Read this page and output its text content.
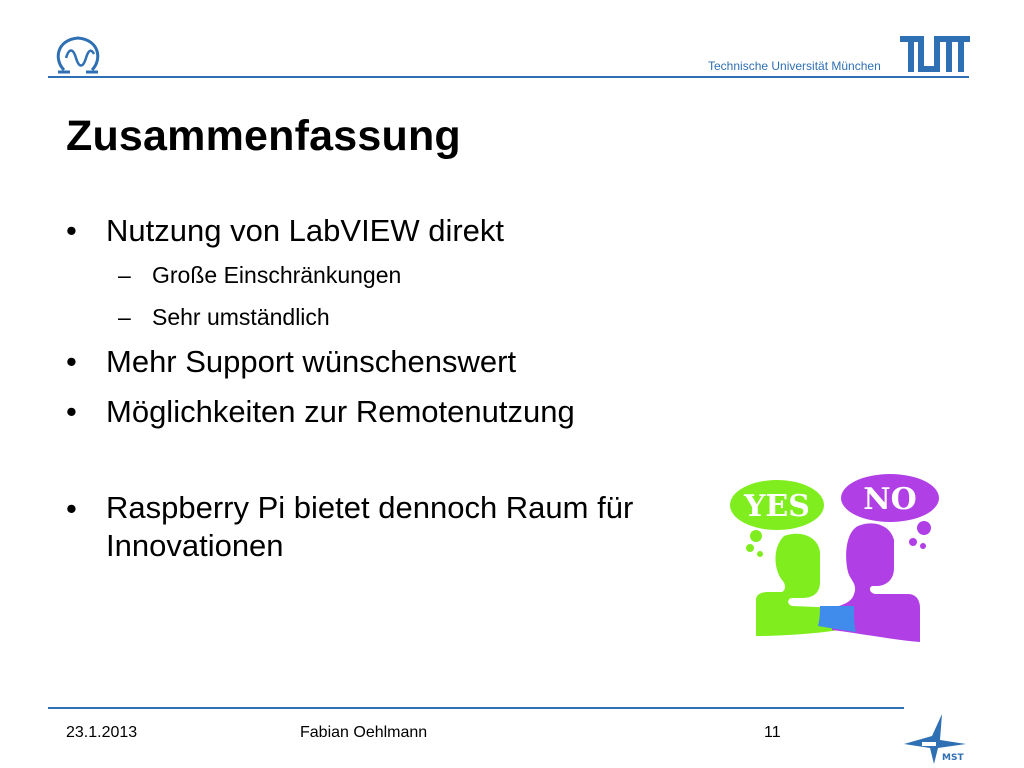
Technische Universität München
Zusammenfassung
• Nutzung von LabVIEW direkt
– Große Einschränkungen
– Sehr umständlich
• Mehr Support wünschenswert
• Möglichkeiten zur Remotenutzung
• Raspberry Pi bietet dennoch Raum für
Innovationen
YES NO
23.1.2013	Fabian Oehlmann	11
MST
